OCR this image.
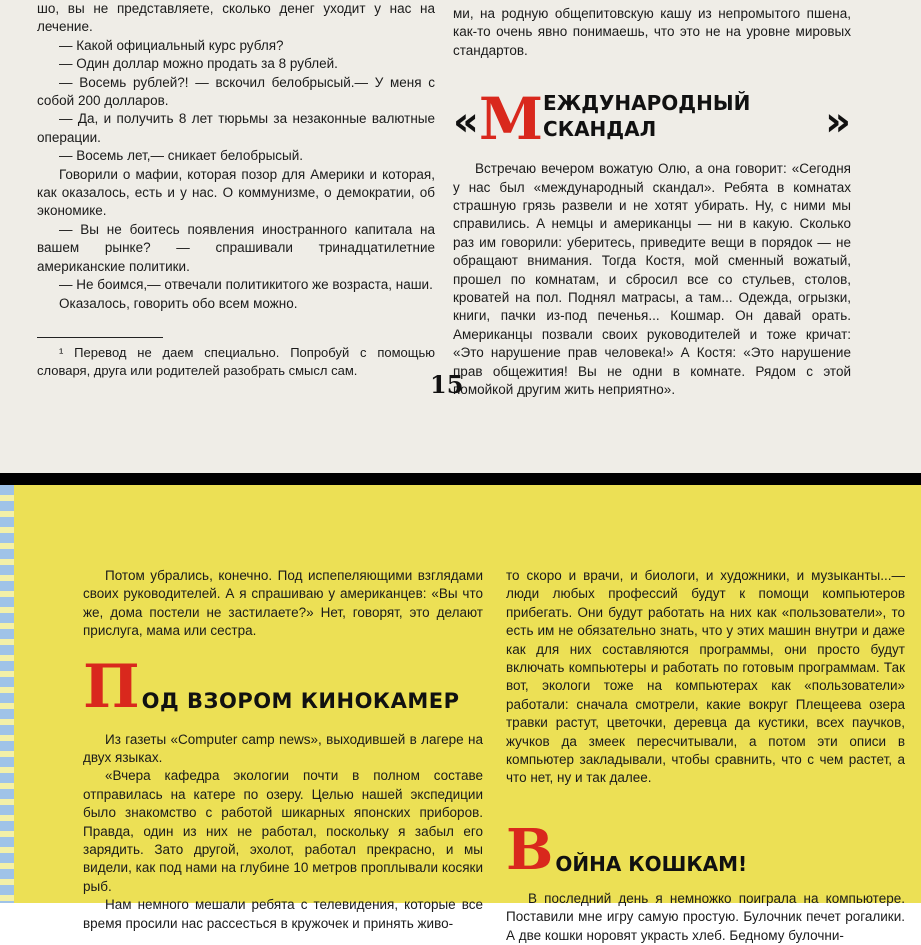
шо, вы не представляете, сколько денег уходит у нас на лечение.

— Какой официальный курс рубля?

— Один доллар можно продать за 8 рублей.

— Восемь рублей?! — вскочил белобрысый.— У меня с собой 200 долларов.

— Да, и получить 8 лет тюрьмы за незаконные валютные операции.

— Восемь лет,— сникает белобрысый.

Говорили о мафии, которая позор для Америки и которая, как оказалось, есть и у нас. О коммунизме, о демократии, об экономике.

— Вы не боитесь появления иностранного капитала на вашем рынке? — спрашивали тринадцатилетние американские политики.

— Не боимся,— отвечали политикитого же возраста, наши.

Оказалось, говорить обо всем можно.

¹ Перевод не даем специально. Попробуй с помощью словаря, друга или родителей разобрать смысл сам.

ми, на родную общепитовскую кашу из непромытого пшена, как-то очень явно понимаешь, что это не на уровне мировых стандартов.

« М ЕЖДУНАРОДНЫЙ СКАНДАЛ	»

Встречаю вечером вожатую Олю, а она говорит: «Сегодня у нас был «международный скандал». Ребята в комнатах страшную грязь развели и не хотят убирать. Ну, с ними мы справились. А немцы и американцы — ни в какую. Сколько раз им говорили: уберитесь, приведите вещи в порядок — не обращают внимания. Тогда Костя, мой сменный вожатый, прошел по комнатам, и сбросил все со стульев, столов, кроватей на пол. Поднял матрасы, а там... Одежда, огрызки, книги, пачки из-под печенья... Кошмар. Он давай орать. Американцы позвали своих руководителей и тоже кричат: «Это нарушение прав человека!» А Костя: «Это нарушение прав общежития! Вы не одни в комнате. Рядом с этой помойкой другим жить неприятно».

15

Потом убрались, конечно. Под испепеляющими взглядами своих руководителей. А я спрашиваю у американцев: «Вы что же, дома постели не застилаете?» Нет, говорят, это делают прислуга, мама или сестра.

П ОД ВЗОРОМ КИНОКАМЕР

Из газеты «Computer camp news», выходившей в лагере на двух языках.

«Вчера кафедра экологии почти в полном составе отправилась на катере по озеру. Целью нашей экспедиции было знакомство с работой шикарных японских приборов. Правда, один из них не работал, поскольку я забыл его зарядить. Зато другой, эхолот, работал прекрасно, и мы видели, как под нами на глубине 10 метров проплывали косяки рыб.

Нам немного мешали ребята с телевидения, которые все время просили нас рассесться в кружочек и принять живо-

то скоро и врачи, и биологи, и художники, и музыканты...— люди любых профессий будут к помощи компьютеров прибегать. Они будут работать на них как «пользователи», то есть им не обязательно знать, что у этих машин внутри и даже как для них составляются программы, они просто будут включать компьютеры и работать по готовым программам. Так вот, экологи тоже на компьютерах как «пользователи» работали: сначала смотрели, какие вокруг Плещеева озера травки растут, цветочки, деревца да кустики, всех паучков, жучков да змеек пересчитывали, а потом эти описи в компьютер закладывали, чтобы сравнить, что с чем растет, а что нет, ну и так далее.

В ОЙНА КОШКАМ!

В последний день я немножко поиграла на компьютере. Поставили мне игру самую простую. Булочник печет рогалики. А две кошки норовят украсть хлеб. Бедному булочни-
